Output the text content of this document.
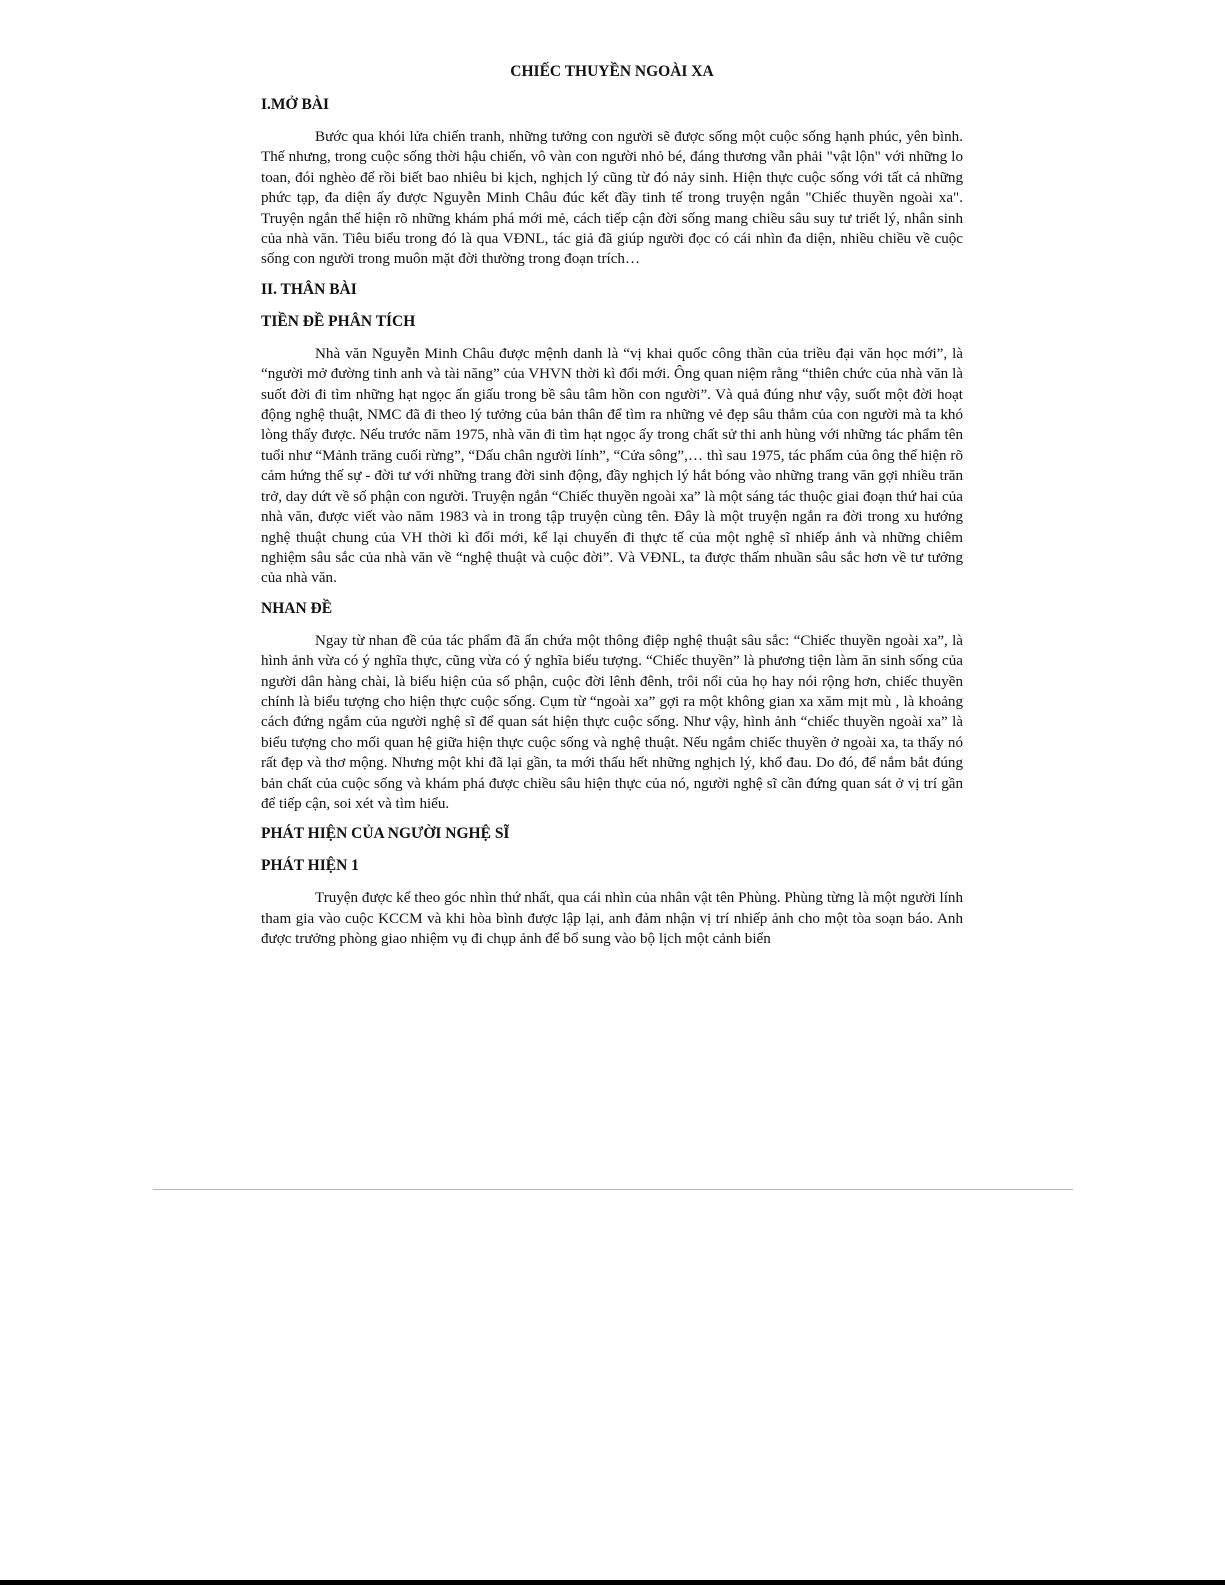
CHIẾC THUYỀN NGOÀI XA
I.MỞ BÀI

Bước qua khói lửa chiến tranh, những tưởng con người sẽ được sống một cuộc sống hạnh phúc, yên bình. Thế nhưng, trong cuộc sống thời hậu chiến, vô vàn con người nhỏ bé, đáng thương vẫn phải "vật lộn" với những lo toan, đói nghèo để rồi biết bao nhiêu bi kịch, nghịch lý cũng từ đó nảy sinh. Hiện thực cuộc sống với tất cả những phức tạp, đa diện ấy được Nguyễn Minh Châu đúc kết đầy tinh tế trong truyện ngắn "Chiếc thuyền ngoài xa". Truyện ngắn thể hiện rõ những khám phá mới mẻ, cách tiếp cận đời sống mang chiều sâu suy tư triết lý, nhân sinh của nhà văn. Tiêu biểu trong đó là qua VĐNL, tác giả đã giúp người đọc có cái nhìn đa diện, nhiều chiều về cuộc sống con người trong muôn mặt đời thường trong đoạn trích…

II. THÂN BÀI
TIỀN ĐỀ PHÂN TÍCH

Nhà văn Nguyễn Minh Châu được mệnh danh là “vị khai quốc công thần của triều đại văn học mới”, là “người mở đường tinh anh và tài năng” của VHVN thời kì đổi mới. Ông quan niệm rằng “thiên chức của nhà văn là suốt đời đi tìm những hạt ngọc ẩn giấu trong bề sâu tâm hồn con người”. Và quả đúng như vậy, suốt một đời hoạt động nghệ thuật, NMC đã đi theo lý tưởng của bản thân để tìm ra những vẻ đẹp sâu thẳm của con người mà ta khó lòng thấy được. Nếu trước năm 1975, nhà văn đi tìm hạt ngọc ấy trong chất sử thi anh hùng với những tác phẩm tên tuổi như “Mảnh trăng cuối rừng”, “Dấu chân người lính”, “Cửa sông”,… thì sau 1975, tác phẩm của ông thể hiện rõ cảm hứng thế sự - đời tư với những trang đời sinh động, đầy nghịch lý hắt bóng vào những trang văn gợi nhiều trăn trở, day dứt về số phận con người. Truyện ngắn “Chiếc thuyền ngoài xa” là một sáng tác thuộc giai đoạn thứ hai của nhà văn, được viết vào năm 1983 và in trong tập truyện cùng tên. Đây là một truyện ngắn ra đời trong xu hướng nghệ thuật chung của VH thời kì đổi mới, kể lại chuyến đi thực tế của một nghệ sĩ nhiếp ảnh và những chiêm nghiệm sâu sắc của nhà văn về “nghệ thuật và cuộc đời”. Và VĐNL, ta được thấm nhuần sâu sắc hơn về tư tưởng của nhà văn.

NHAN ĐỀ

Ngay từ nhan đề của tác phẩm đã ẩn chứa một thông điệp nghệ thuật sâu sắc: “Chiếc thuyền ngoài xa”, là hình ảnh vừa có ý nghĩa thực, cũng vừa có ý nghĩa biểu tượng. “Chiếc thuyền” là phương tiện làm ăn sinh sống của người dân hàng chài, là biểu hiện của số phận, cuộc đời lênh đênh, trôi nổi của họ hay nói rộng hơn, chiếc thuyền chính là biểu tượng cho hiện thực cuộc sống. Cụm từ “ngoài xa” gợi ra một không gian xa xăm mịt mù , là khoảng cách đứng ngắm của người nghệ sĩ để quan sát hiện thực cuộc sống. Như vậy, hình ảnh “chiếc thuyền ngoài xa” là biểu tượng cho mối quan hệ giữa hiện thực cuộc sống và nghệ thuật. Nếu ngắm chiếc thuyền ở ngoài xa, ta thấy nó rất đẹp và thơ mộng. Nhưng một khi đã lại gần, ta mới thấu hết những nghịch lý, khổ đau. Do đó, để nắm bắt đúng bản chất của cuộc sống và khám phá được chiều sâu hiện thực của nó, người nghệ sĩ cần đứng quan sát ở vị trí gần để tiếp cận, soi xét và tìm hiểu.

PHÁT HIỆN CỦA NGƯỜI NGHỆ SĨ
PHÁT HIỆN 1

Truyện được kể theo góc nhìn thứ nhất, qua cái nhìn của nhân vật tên Phùng. Phùng từng là một người lính tham gia vào cuộc KCCM và khi hòa bình được lập lại, anh đảm nhận vị trí nhiếp ảnh cho một tòa soạn báo. Anh được trưởng phòng giao nhiệm vụ đi chụp ảnh để bổ sung vào bộ lịch một cảnh biển
